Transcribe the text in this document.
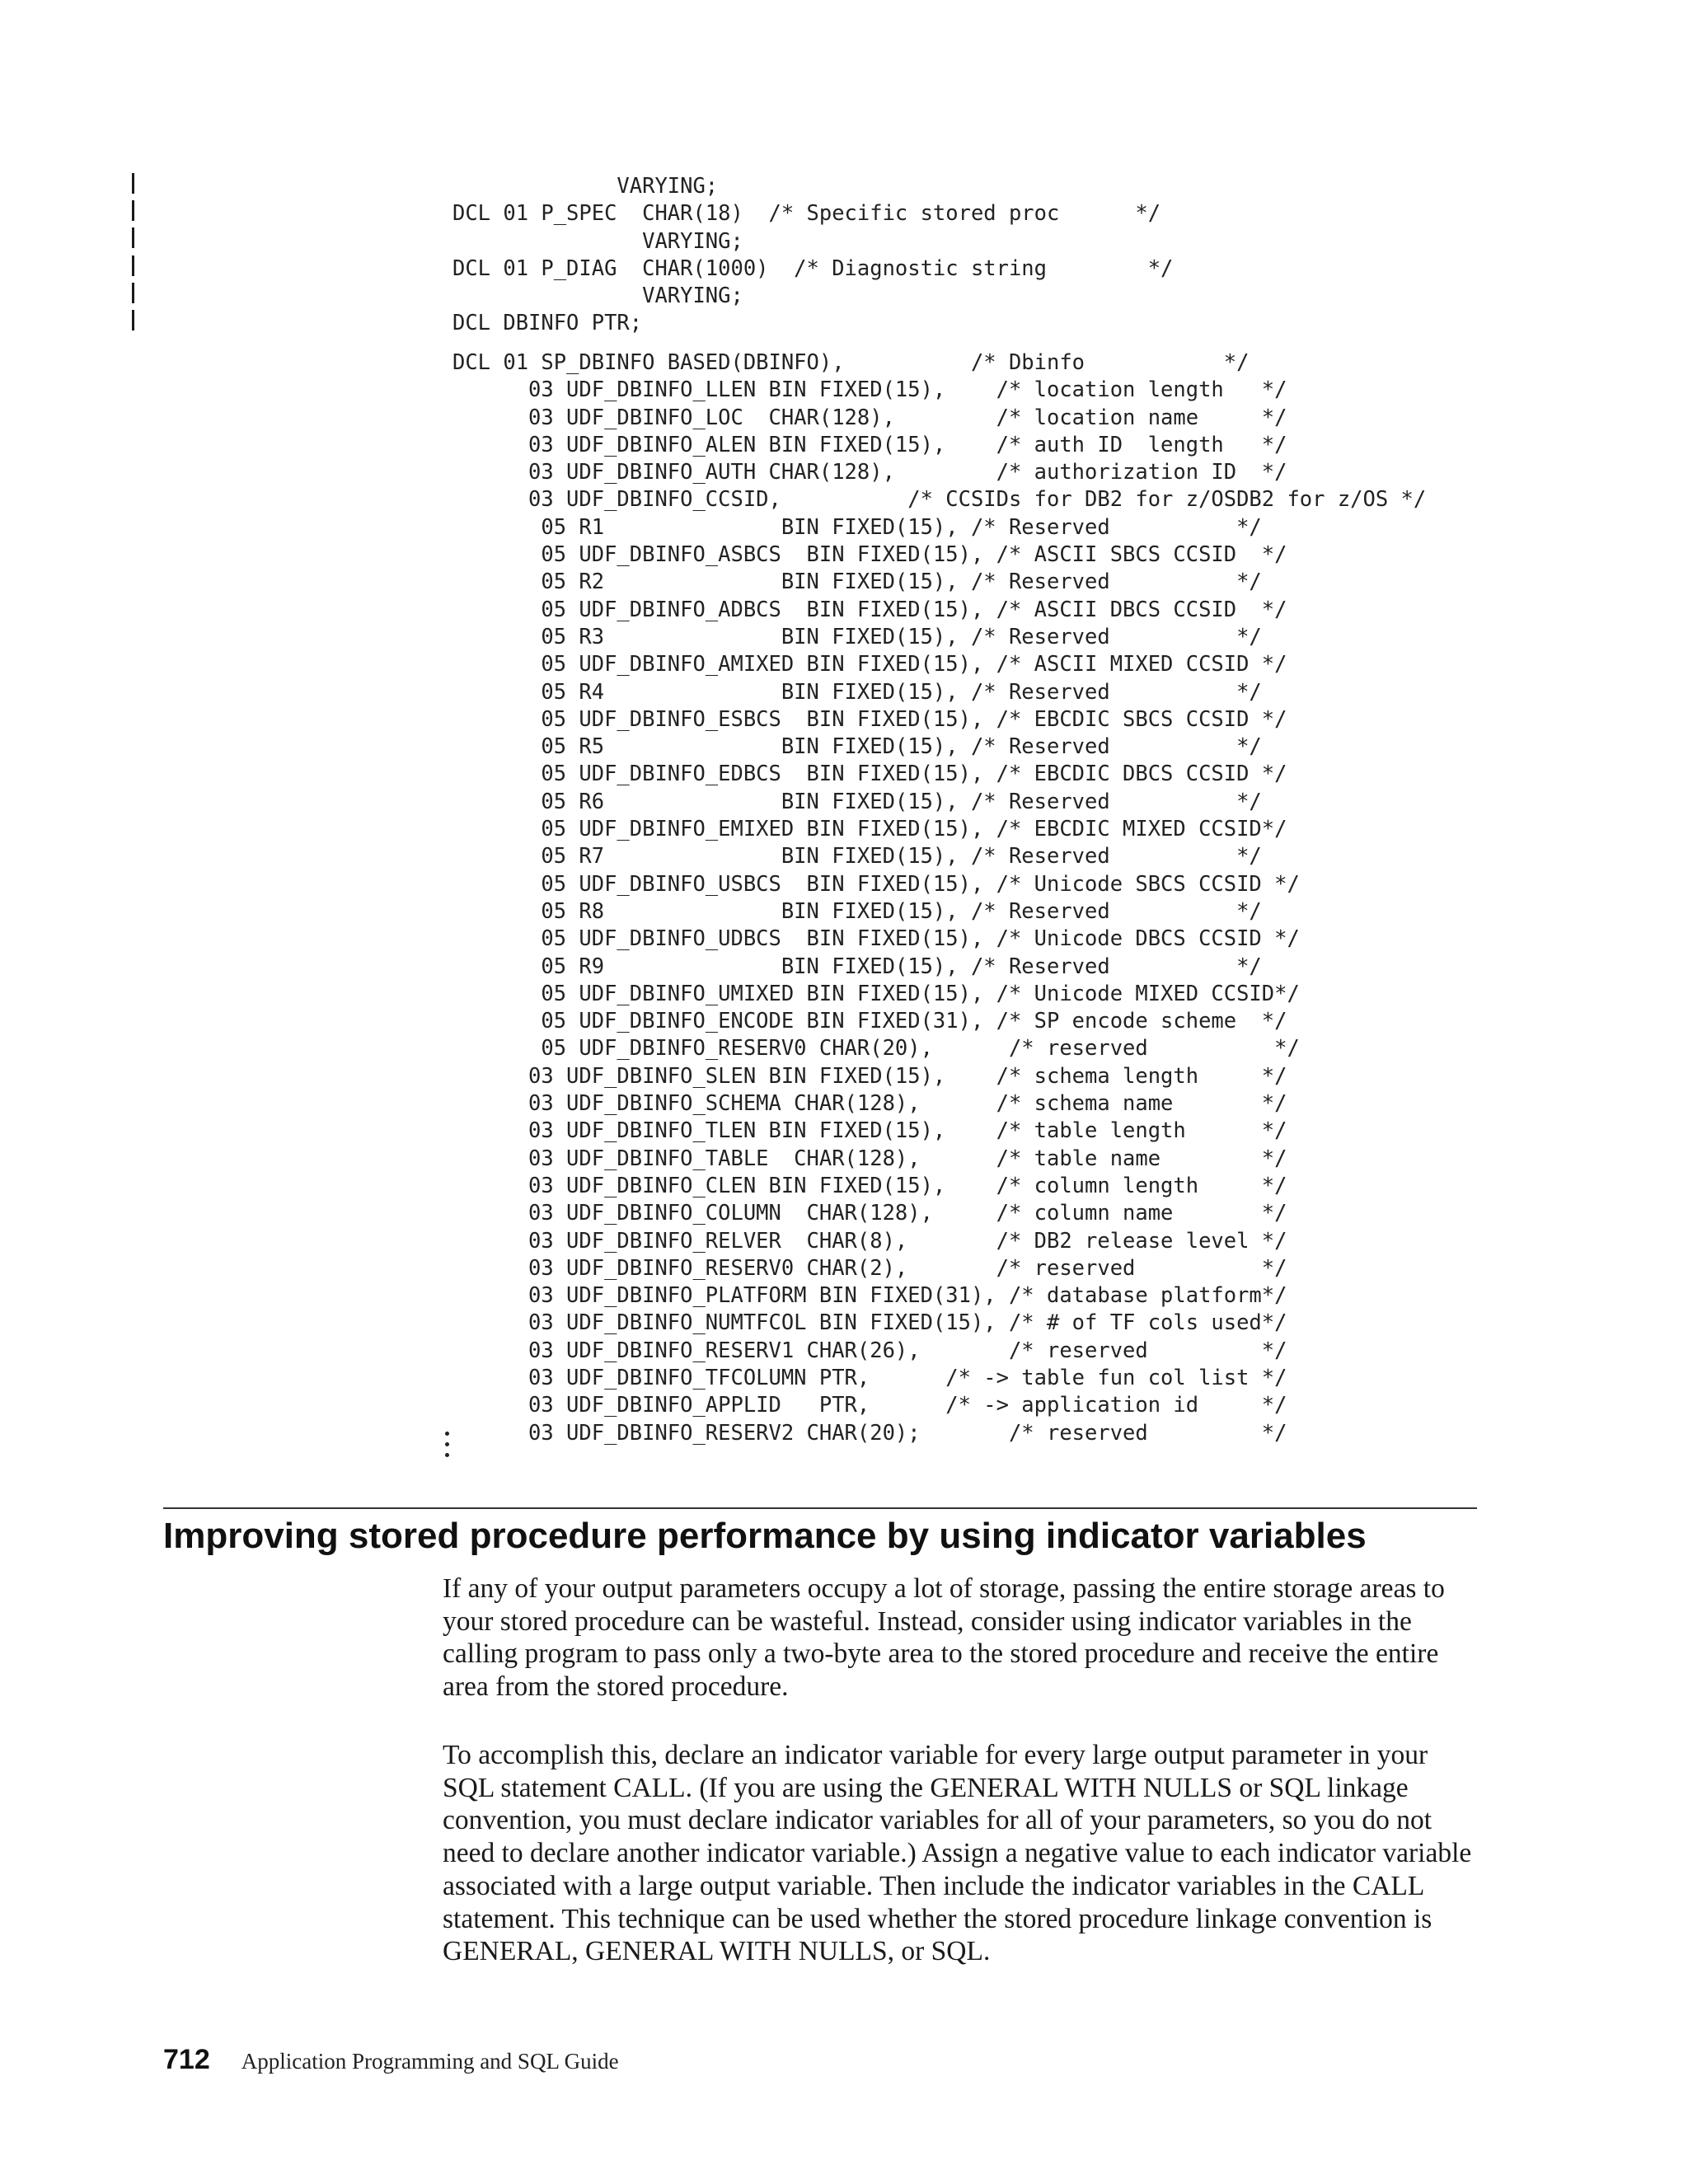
VARYING;
DCL 01 P_SPEC  CHAR(18)  /* Specific stored proc      */
VARYING;
DCL 01 P_DIAG  CHAR(1000)  /* Diagnostic string        */
VARYING;
DCL DBINFO PTR;
DCL 01 SP_DBINFO BASED(DBINFO),          /* Dbinfo           */
03 UDF_DBINFO_LLEN BIN FIXED(15),    /* location length   */
03 UDF_DBINFO_LOC  CHAR(128),        /* location name     */
03 UDF_DBINFO_ALEN BIN FIXED(15),    /* auth ID  length   */
03 UDF_DBINFO_AUTH CHAR(128),        /* authorization ID  */
03 UDF_DBINFO_CCSID,          /* CCSIDs for DB2 for z/OSDB2 for z/OS */
05 R1              BIN FIXED(15), /* Reserved          */
05 UDF_DBINFO_ASBCS  BIN FIXED(15), /* ASCII SBCS CCSID  */
05 R2              BIN FIXED(15), /* Reserved          */
05 UDF_DBINFO_ADBCS  BIN FIXED(15), /* ASCII DBCS CCSID  */
05 R3              BIN FIXED(15), /* Reserved          */
05 UDF_DBINFO_AMIXED BIN FIXED(15), /* ASCII MIXED CCSID */
05 R4              BIN FIXED(15), /* Reserved          */
05 UDF_DBINFO_ESBCS  BIN FIXED(15), /* EBCDIC SBCS CCSID */
05 R5              BIN FIXED(15), /* Reserved          */
05 UDF_DBINFO_EDBCS  BIN FIXED(15), /* EBCDIC DBCS CCSID */
05 R6              BIN FIXED(15), /* Reserved          */
05 UDF_DBINFO_EMIXED BIN FIXED(15), /* EBCDIC MIXED CCSID*/
05 R7              BIN FIXED(15), /* Reserved          */
05 UDF_DBINFO_USBCS  BIN FIXED(15), /* Unicode SBCS CCSID */
05 R8              BIN FIXED(15), /* Reserved          */
05 UDF_DBINFO_UDBCS  BIN FIXED(15), /* Unicode DBCS CCSID */
05 R9              BIN FIXED(15), /* Reserved          */
05 UDF_DBINFO_UMIXED BIN FIXED(15), /* Unicode MIXED CCSID*/
05 UDF_DBINFO_ENCODE BIN FIXED(31), /* SP encode scheme  */
05 UDF_DBINFO_RESERV0 CHAR(20),      /* reserved          */
03 UDF_DBINFO_SLEN BIN FIXED(15),    /* schema length     */
03 UDF_DBINFO_SCHEMA CHAR(128),      /* schema name       */
03 UDF_DBINFO_TLEN BIN FIXED(15),    /* table length      */
03 UDF_DBINFO_TABLE  CHAR(128),      /* table name        */
03 UDF_DBINFO_CLEN BIN FIXED(15),    /* column length     */
03 UDF_DBINFO_COLUMN  CHAR(128),     /* column name       */
03 UDF_DBINFO_RELVER  CHAR(8),       /* DB2 release level */
03 UDF_DBINFO_RESERV0 CHAR(2),       /* reserved          */
03 UDF_DBINFO_PLATFORM BIN FIXED(31), /* database platform*/
03 UDF_DBINFO_NUMTFCOL BIN FIXED(15), /* # of TF cols used*/
03 UDF_DBINFO_RESERV1 CHAR(26),       /* reserved         */
03 UDF_DBINFO_TFCOLUMN PTR,      /* -> table fun col list */
03 UDF_DBINFO_APPLID   PTR,      /* -> application id     */
03 UDF_DBINFO_RESERV2 CHAR(20);       /* reserved         */
Improving stored procedure performance by using indicator variables

If any of your output parameters occupy a lot of storage, passing the entire storage areas to your stored procedure can be wasteful. Instead, consider using indicator variables in the calling program to pass only a two-byte area to the stored procedure and receive the entire area from the stored procedure.

To accomplish this, declare an indicator variable for every large output parameter in your SQL statement CALL. (If you are using the GENERAL WITH NULLS or SQL linkage convention, you must declare indicator variables for all of your parameters, so you do not need to declare another indicator variable.) Assign a negative value to each indicator variable associated with a large output variable. Then include the indicator variables in the CALL statement. This technique can be used whether the stored procedure linkage convention is GENERAL, GENERAL WITH NULLS, or SQL.

712 Application Programming and SQL Guide
